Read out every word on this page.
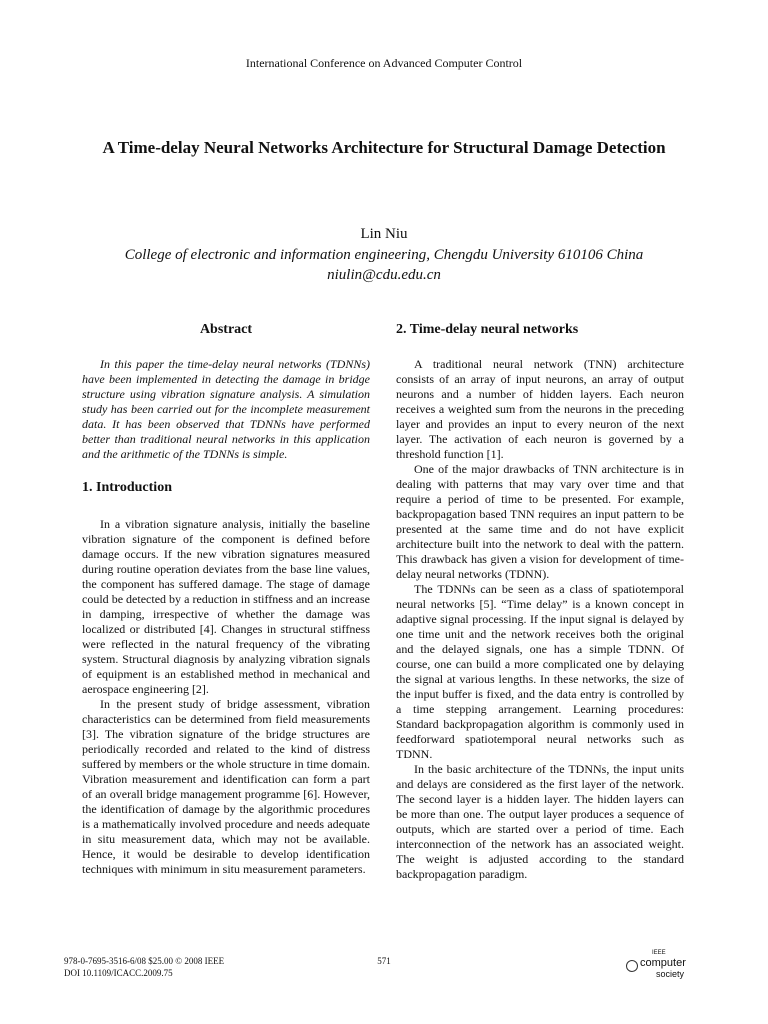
International Conference on Advanced Computer Control
A Time-delay Neural Networks Architecture for Structural Damage Detection
Lin Niu
College of electronic and information engineering, Chengdu University 610106 China
niulin@cdu.edu.cn
Abstract

In this paper the time-delay neural networks (TDNNs) have been implemented in detecting the damage in bridge structure using vibration signature analysis. A simulation study has been carried out for the incomplete measurement data. It has been observed that TDNNs have performed better than traditional neural networks in this application and the arithmetic of the TDNNs is simple.

1. Introduction

In a vibration signature analysis, initially the baseline vibration signature of the component is defined before damage occurs. If the new vibration signatures measured during routine operation deviates from the base line values, the component has suffered damage. The stage of damage could be detected by a reduction in stiffness and an increase in damping, irrespective of whether the damage was localized or distributed [4]. Changes in structural stiffness were reflected in the natural frequency of the vibrating system. Structural diagnosis by analyzing vibration signals of equipment is an established method in mechanical and aerospace engineering [2].

In the present study of bridge assessment, vibration characteristics can be determined from field measurements [3]. The vibration signature of the bridge structures are periodically recorded and related to the kind of distress suffered by members or the whole structure in time domain. Vibration measurement and identification can form a part of an overall bridge management programme [6]. However, the identification of damage by the algorithmic procedures is a mathematically involved procedure and needs adequate in situ measurement data, which may not be available. Hence, it would be desirable to develop identification techniques with minimum in situ measurement parameters.

2. Time-delay neural networks

A traditional neural network (TNN) architecture consists of an array of input neurons, an array of output neurons and a number of hidden layers. Each neuron receives a weighted sum from the neurons in the preceding layer and provides an input to every neuron of the next layer. The activation of each neuron is governed by a threshold function [1].

One of the major drawbacks of TNN architecture is in dealing with patterns that may vary over time and that require a period of time to be presented. For example, backpropagation based TNN requires an input pattern to be presented at the same time and do not have explicit architecture built into the network to deal with the pattern. This drawback has given a vision for development of time-delay neural networks (TDNN).

The TDNNs can be seen as a class of spatiotemporal neural networks [5]. “Time delay” is a known concept in adaptive signal processing. If the input signal is delayed by one time unit and the network receives both the original and the delayed signals, one has a simple TDNN. Of course, one can build a more complicated one by delaying the signal at various lengths. In these networks, the size of the input buffer is fixed, and the data entry is controlled by a time stepping arrangement. Learning procedures: Standard backpropagation algorithm is commonly used in feedforward spatiotemporal neural networks such as TDNN.

In the basic architecture of the TDNNs, the input units and delays are considered as the first layer of the network. The second layer is a hidden layer. The hidden layers can be more than one. The output layer produces a sequence of outputs, which are started over a period of time. Each interconnection of the network has an associated weight. The weight is adjusted according to the standard backpropagation paradigm.

978-0-7695-3516-6/08 $25.00 © 2008 IEEE
DOI 10.1109/ICACC.2009.75
571
IEEE
computer
society
